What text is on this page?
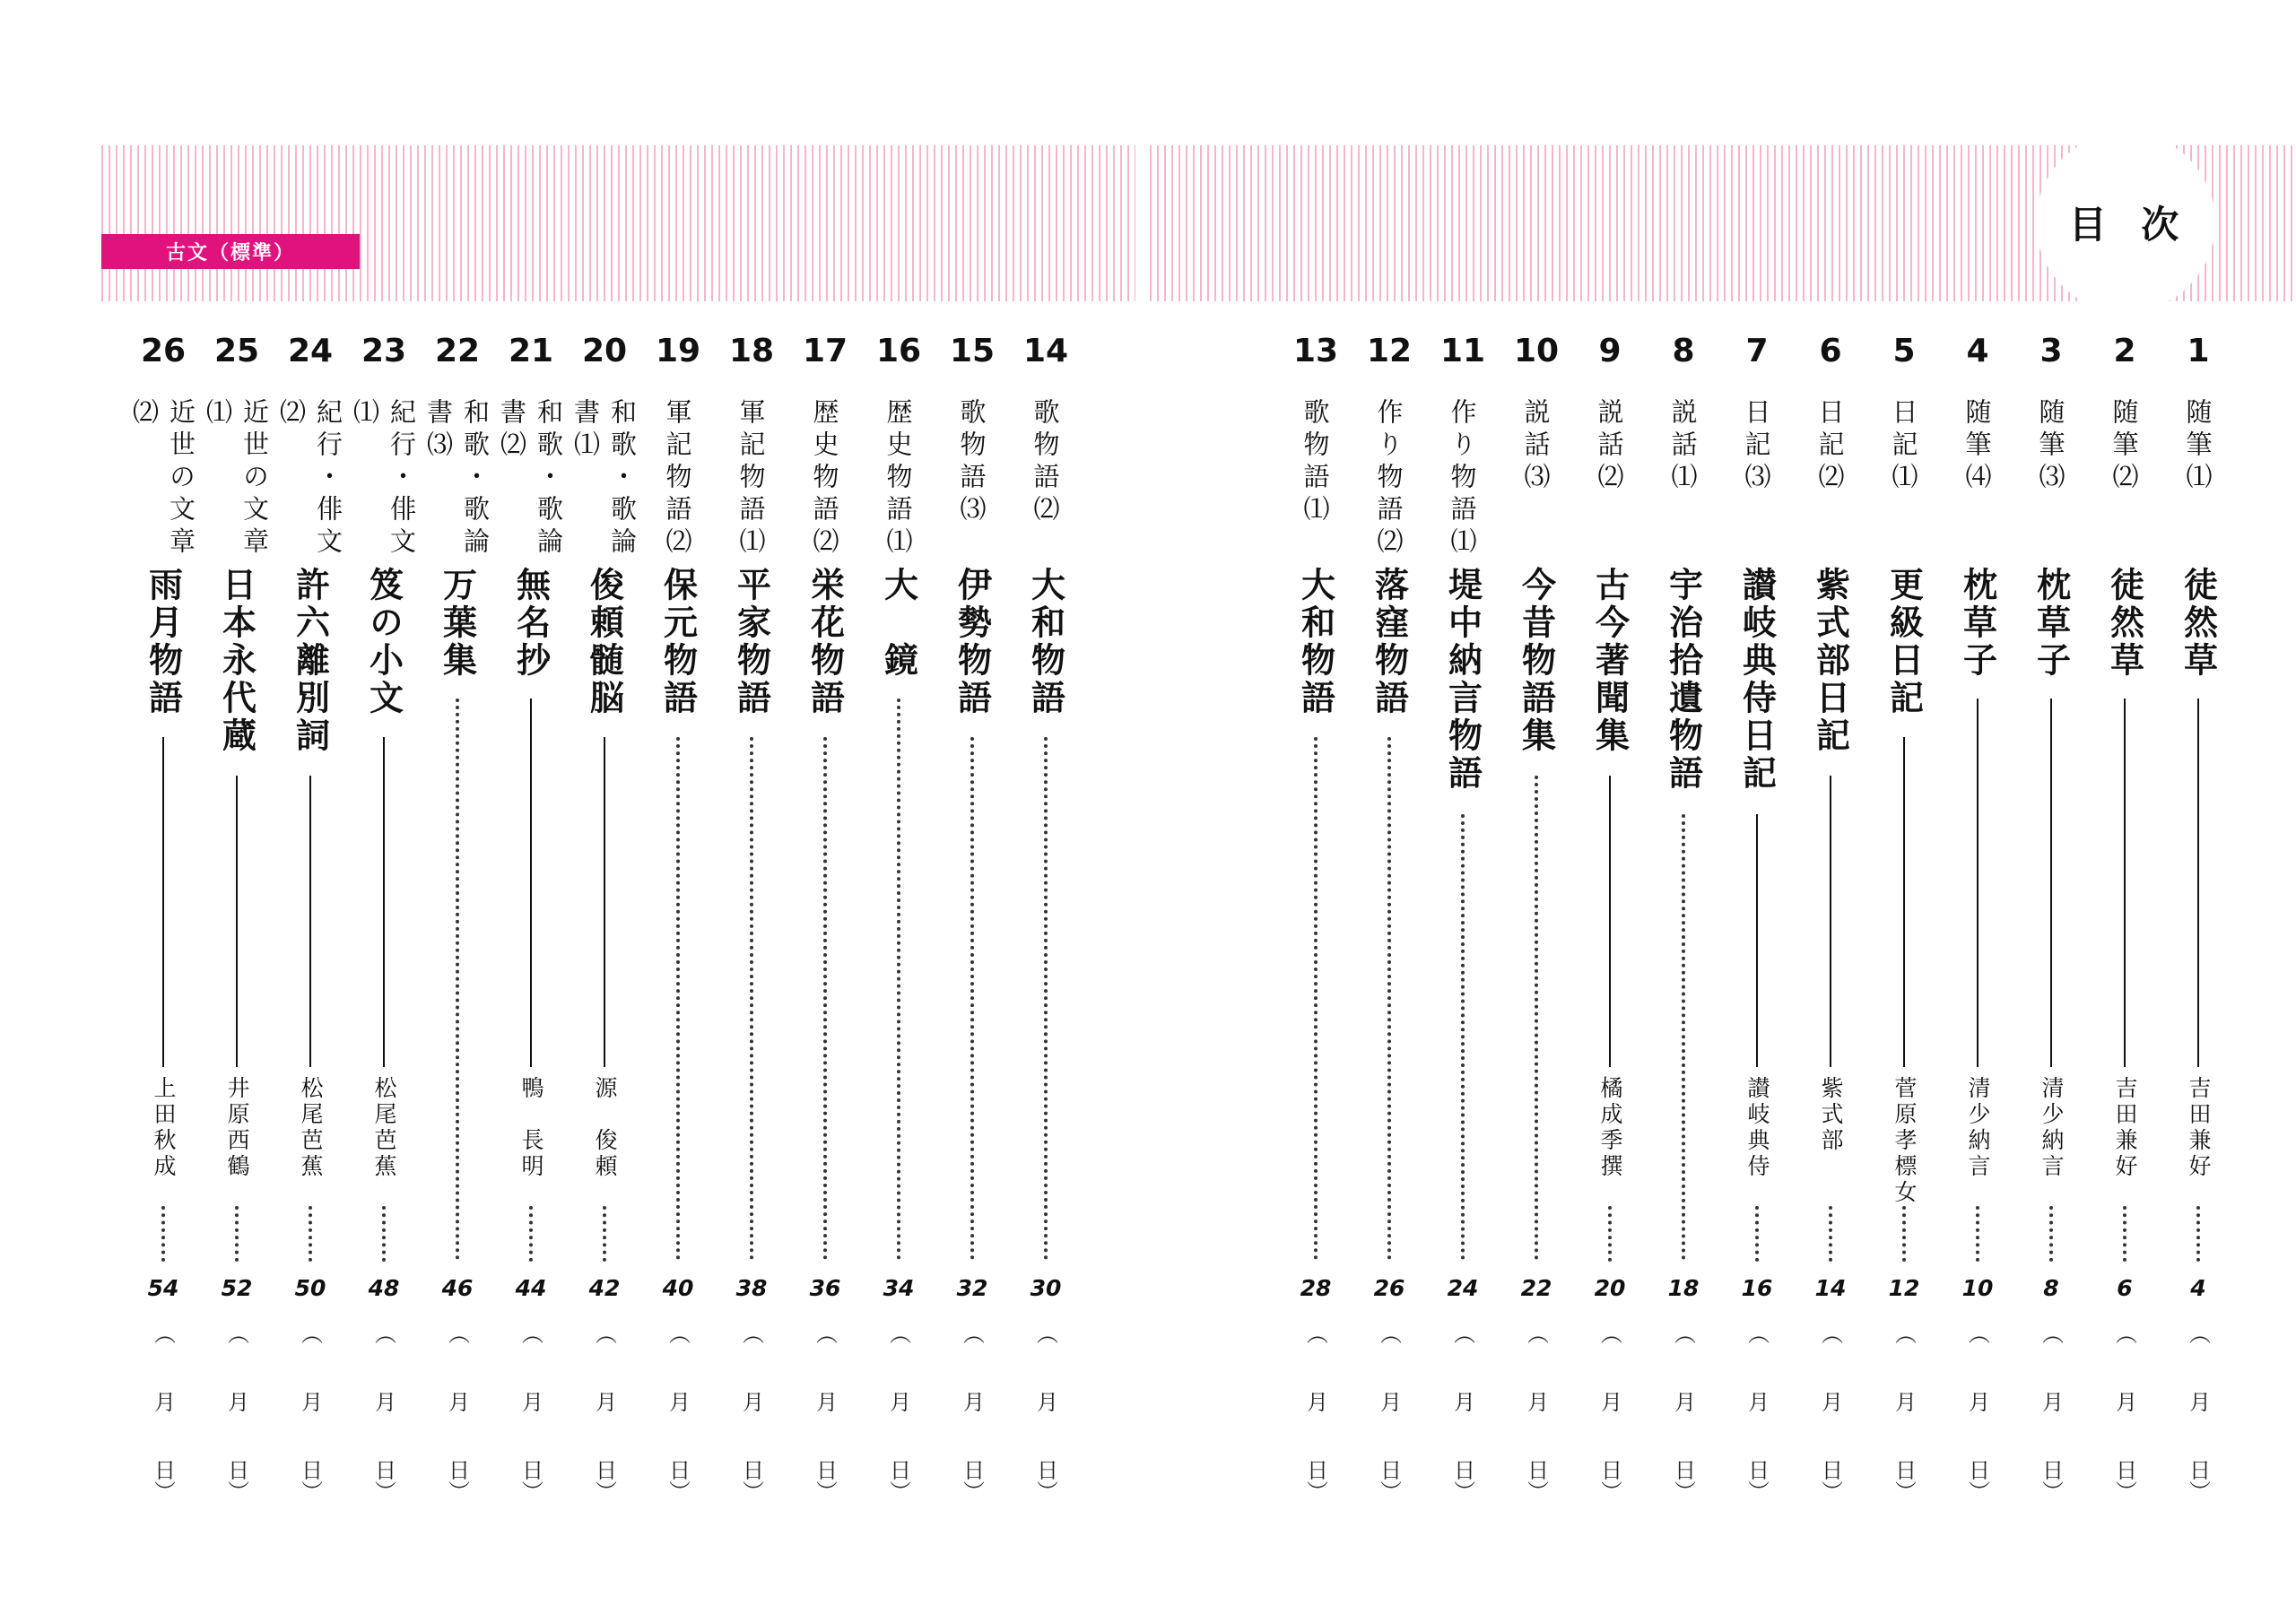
古文（標準）
目 次
1
随筆⑴
徒然草
吉田兼好
4
（
月
日）
2
随筆⑵
徒然草
吉田兼好
6
（
月
日）
3
随筆⑶
枕草子
清少納言
8
（
月
日）
4
随筆⑷
枕草子
清少納言
10
（
月
日）
5
日記⑴
更級日記
菅原孝標女
12
（
月
日）
6
日記⑵
紫式部日記
紫式部
14
（
月
日）
7
日記⑶
讃岐典侍日記
讃岐典侍
16
（
月
日）
8
説話⑴
宇治拾遺物語
18
（
月
日）
9
説話⑵
古今著聞集
橘成季撰
20
（
月
日）
10
説話⑶
今昔物語集
22
（
月
日）
11
作り物語⑴
堤中納言物語
24
（
月
日）
12
作り物語⑵
落窪物語
26
（
月
日）
13
歌物語⑴
大和物語
28
（
月
日）
14
歌物語⑵
大和物語
30
（
月
日）
15
歌物語⑶
伊勢物語
32
（
月
日）
16
歴史物語⑴
大　鏡
34
（
月
日）
17
歴史物語⑵
栄花物語
36
（
月
日）
18
軍記物語⑴
平家物語
38
（
月
日）
19
軍記物語⑵
保元物語
40
（
月
日）
20
和歌・歌論書⑴
俊頼髄脳
源　俊頼
42
（
月
日）
21
和歌・歌論書⑵
無名抄
鴨　長明
44
（
月
日）
22
和歌・歌論書⑶
万葉集
46
（
月
日）
23
紀行・俳文⑴
笈の小文
松尾芭蕉
48
（
月
日）
24
紀行・俳文⑵
許六離別詞
松尾芭蕉
50
（
月
日）
25
近世の文章⑴
日本永代蔵
井原西鶴
52
（
月
日）
26
近世の文章⑵
雨月物語
上田秋成
54
（
月
日）
